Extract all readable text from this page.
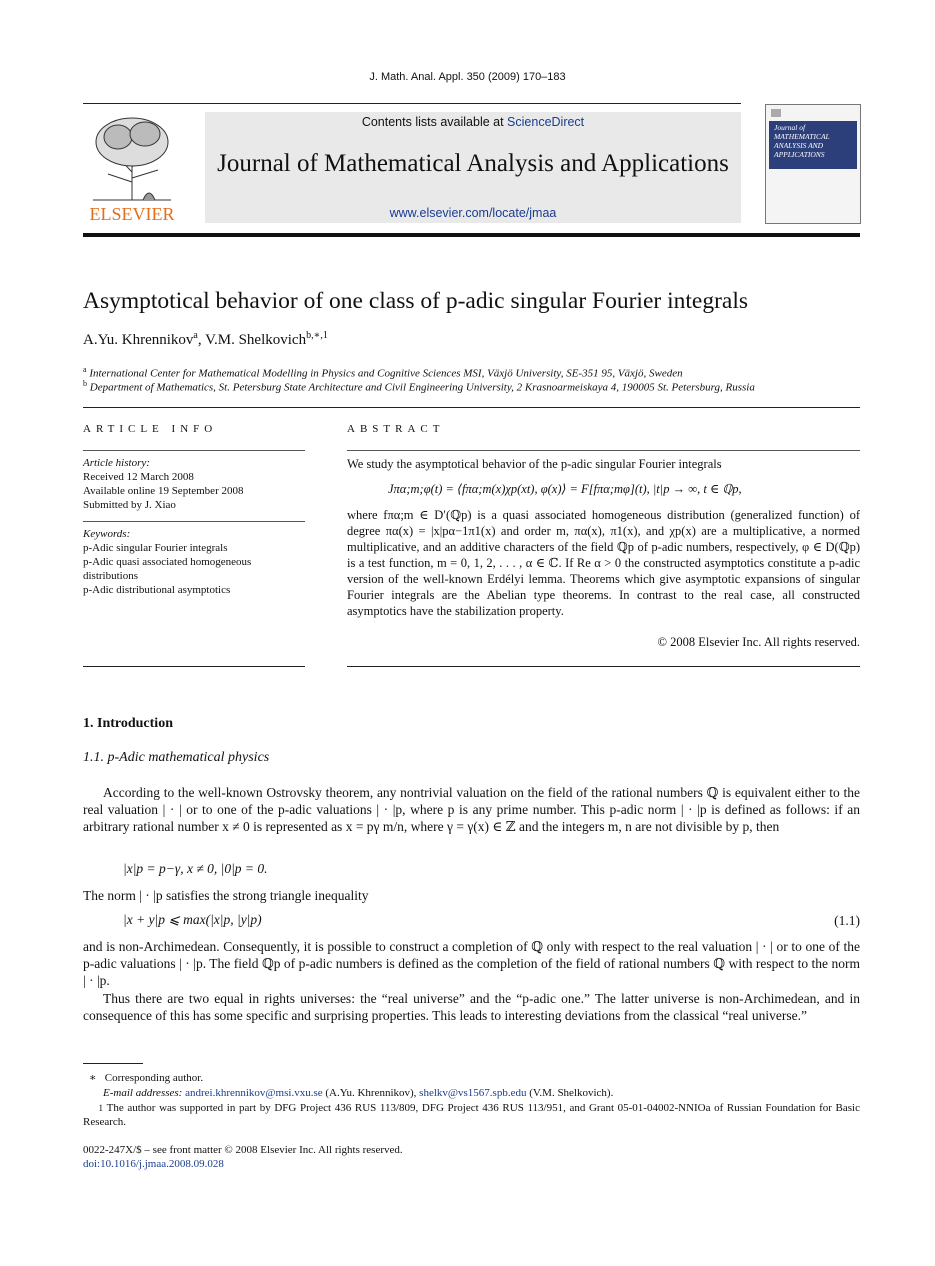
J. Math. Anal. Appl. 350 (2009) 170–183
ELSEVIER
Contents lists available at ScienceDirect
Journal of Mathematical Analysis and Applications
www.elsevier.com/locate/jmaa
Journal of MATHEMATICAL ANALYSIS AND APPLICATIONS
Asymptotical behavior of one class of p-adic singular Fourier integrals
A.Yu. Khrennikov$^a$, V.M. Shelkovich$^{b,∗,1}$
$^a$ International Center for Mathematical Modelling in Physics and Cognitive Sciences MSI, Växjö University, SE-351 95, Växjö, Sweden
$^b$ Department of Mathematics, St. Petersburg State Architecture and Civil Engineering University, 2 Krasnoarmeiskaya 4, 190005 St. Petersburg, Russia
ARTICLE INFO
Article history:
Received 12 March 2008
Available online 19 September 2008
Submitted by J. Xiao
Keywords:
p-Adic singular Fourier integrals
p-Adic quasi associated homogeneous distributions
p-Adic distributional asymptotics
ABSTRACT
We study the asymptotical behavior of the p-adic singular Fourier integrals
Jπα;m;φ(t) = ⟨fπα;m(x)χp(xt), φ(x)⟩ = F[fπα;mφ](t), |t|p → ∞, t ∈ ℚp,
where fπα;m ∈ D′(ℚp) is a quasi associated homogeneous distribution (generalized function) of degree πα(x) = |x|pα−1π1(x) and order m, πα(x), π1(x), and χp(x) are a multiplicative, a normed multiplicative, and an additive characters of the field ℚp of p-adic numbers, respectively, φ ∈ D(ℚp) is a test function, m = 0, 1, 2, . . . , α ∈ ℂ. If Re α > 0 the constructed asymptotics constitute a p-adic version of the well-known Erdélyi lemma. Theorems which give asymptotic expansions of singular Fourier integrals are the Abelian type theorems. In contrast to the real case, all constructed asymptotics have the stabilization property.
© 2008 Elsevier Inc. All rights reserved.
1. Introduction
1.1. p-Adic mathematical physics
According to the well-known Ostrovsky theorem, any nontrivial valuation on the field of the rational numbers ℚ is equivalent either to the real valuation | · | or to one of the p-adic valuations | · |p, where p is any prime number. This p-adic norm | · |p is defined as follows: if an arbitrary rational number x ≠ 0 is represented as x = pγ m/n, where γ = γ(x) ∈ ℤ and the integers m, n are not divisible by p, then
|x|p = p−γ, x ≠ 0, |0|p = 0.
The norm | · |p satisfies the strong triangle inequality
|x + y|p ⩽ max(|x|p, |y|p)	(1.1)
and is non-Archimedean. Consequently, it is possible to construct a completion of ℚ only with respect to the real valuation | · | or to one of the p-adic valuations | · |p. The field ℚp of p-adic numbers is defined as the completion of the field of rational numbers ℚ with respect to the norm | · |p.
Thus there are two equal in rights universes: the “real universe” and the “p-adic one.” The latter universe is non-Archimedean, and in consequence of this has some specific and surprising properties. This leads to interesting deviations from the classical “real universe.”
∗ Corresponding author.
E-mail addresses: andrei.khrennikov@msi.vxu.se (A.Yu. Khrennikov), shelkv@vs1567.spb.edu (V.M. Shelkovich).
1 The author was supported in part by DFG Project 436 RUS 113/809, DFG Project 436 RUS 113/951, and Grant 05-01-04002-NNIOa of Russian Foundation for Basic Research.
0022-247X/$ – see front matter © 2008 Elsevier Inc. All rights reserved.
doi:10.1016/j.jmaa.2008.09.028
